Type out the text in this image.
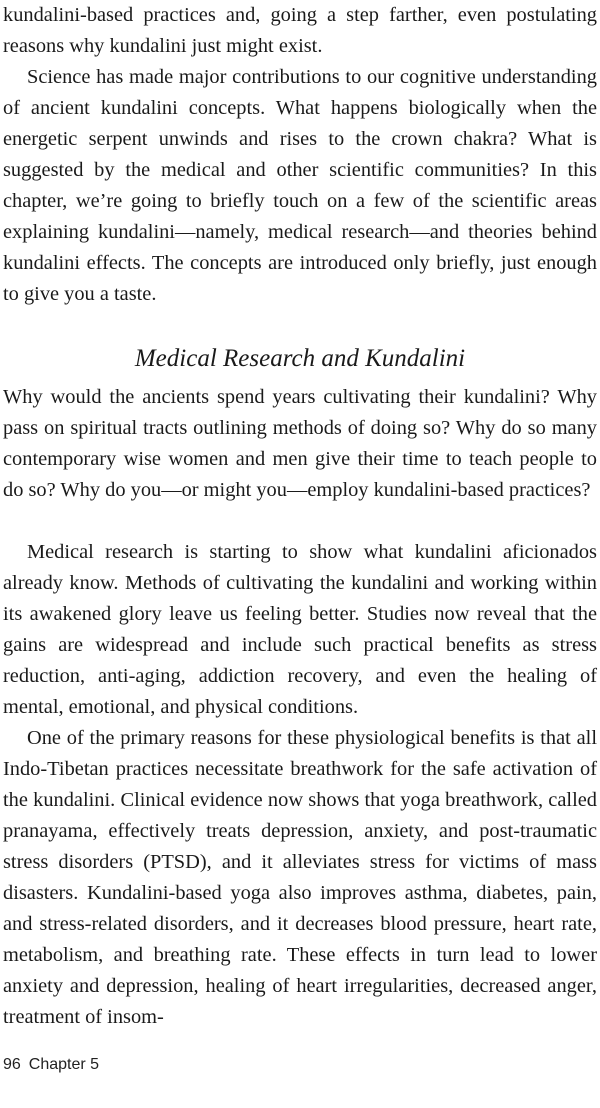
kundalini-based practices and, going a step farther, even postulating reasons why kundalini just might exist.

Science has made major contributions to our cognitive understanding of ancient kundalini concepts. What happens biologically when the energetic serpent unwinds and rises to the crown chakra? What is suggested by the medical and other scientific communities? In this chapter, we’re going to briefly touch on a few of the scientific areas explaining kundalini—namely, medical research—and theories behind kundalini effects. The concepts are introduced only briefly, just enough to give you a taste.

Medical Research and Kundalini

Why would the ancients spend years cultivating their kundalini? Why pass on spiritual tracts outlining methods of doing so? Why do so many contemporary wise women and men give their time to teach people to do so? Why do you—or might you—employ kundalini-based practices?

Medical research is starting to show what kundalini aficionados already know. Methods of cultivating the kundalini and working within its awakened glory leave us feeling better. Studies now reveal that the gains are widespread and include such practical benefits as stress reduction, anti-aging, addiction recovery, and even the healing of mental, emotional, and physical conditions.

One of the primary reasons for these physiological benefits is that all Indo-Tibetan practices necessitate breathwork for the safe activation of the kundalini. Clinical evidence now shows that yoga breathwork, called pranayama, effectively treats depression, anxiety, and post-traumatic stress disorders (PTSD), and it alleviates stress for victims of mass disasters. Kundalini-based yoga also improves asthma, diabetes, pain, and stress-related disorders, and it decreases blood pressure, heart rate, metabolism, and breathing rate. These effects in turn lead to lower anxiety and depression, healing of heart irregularities, decreased anger, treatment of insom-

96 Chapter 5
